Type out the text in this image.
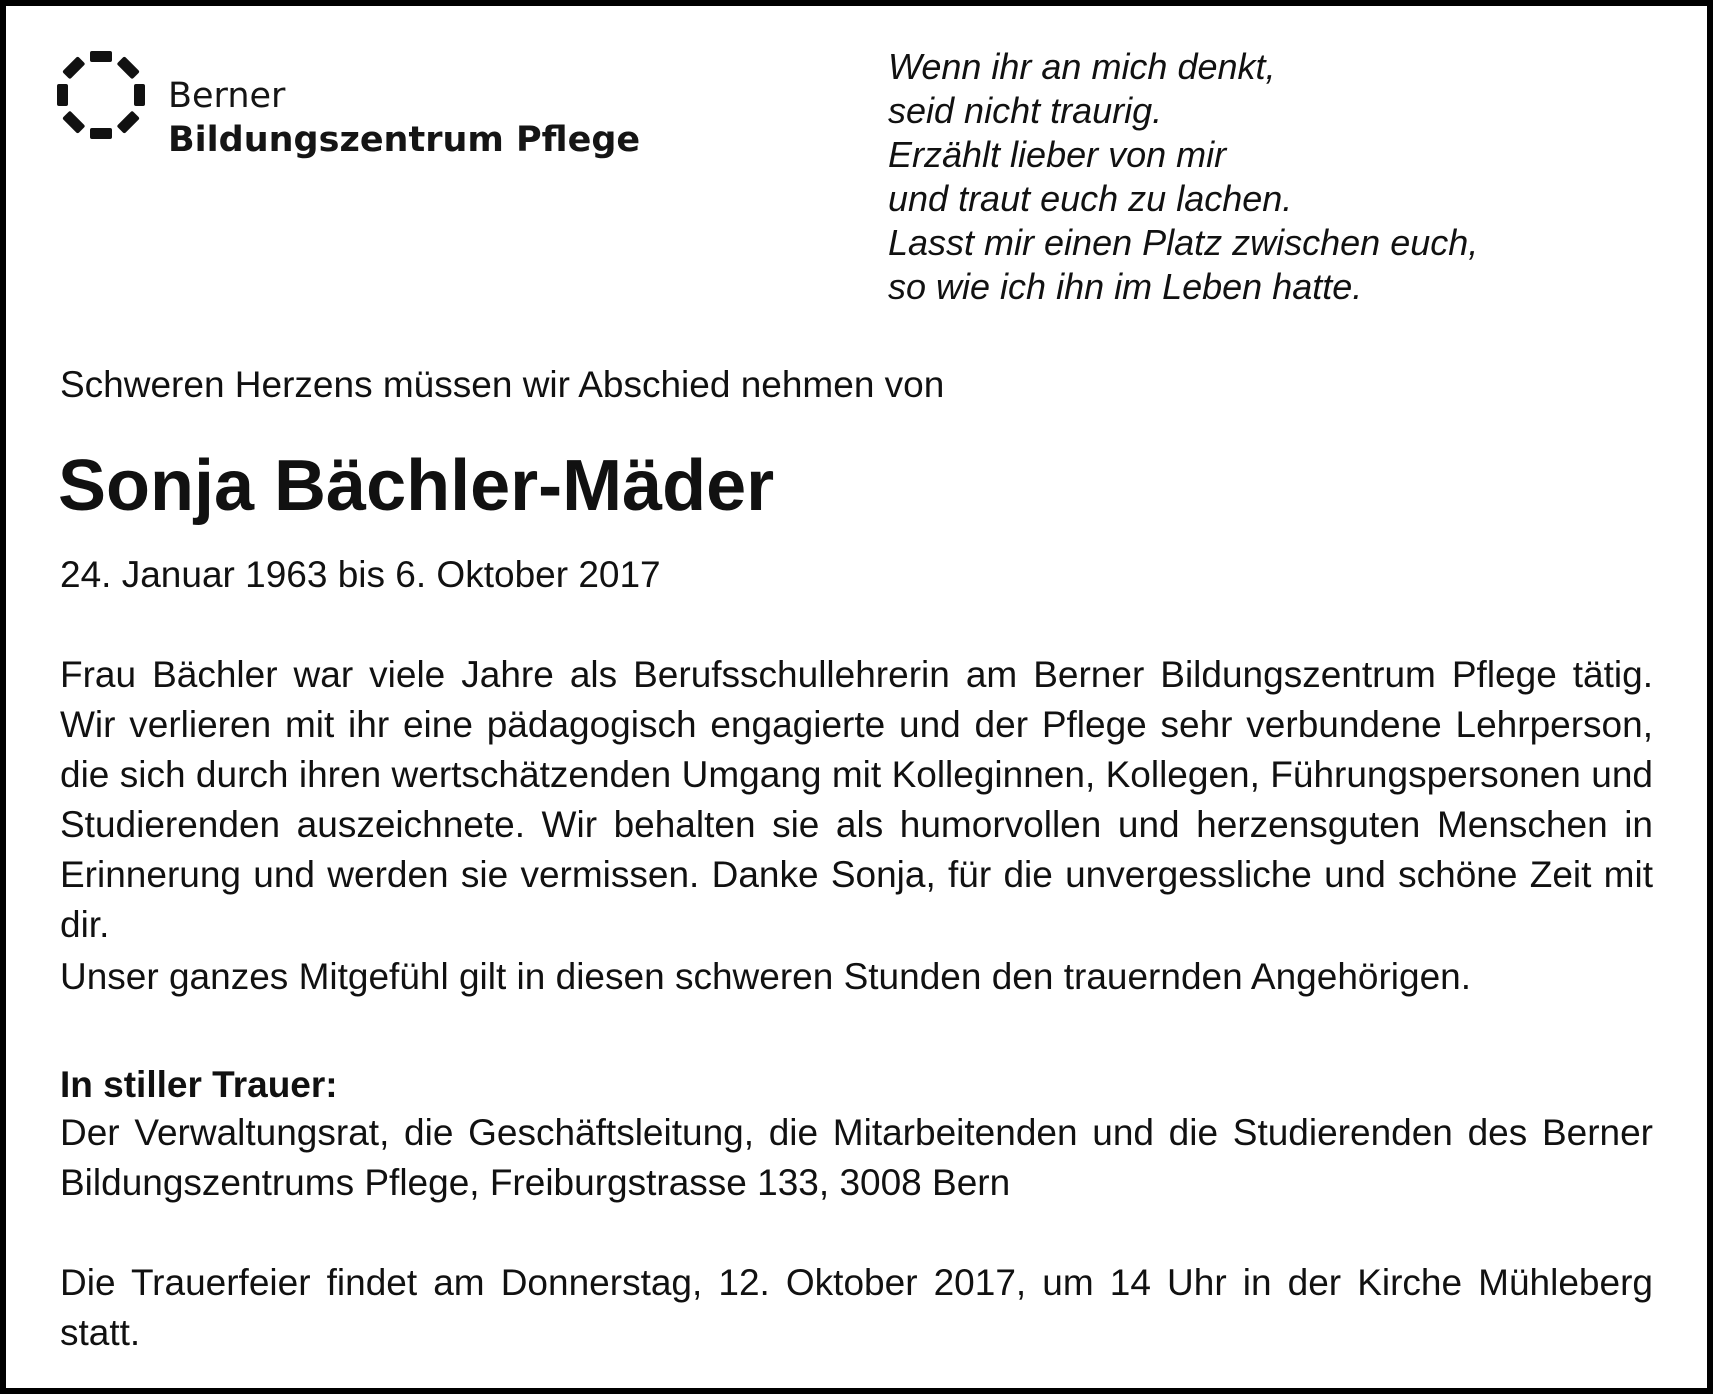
Berner
Bildungszentrum Pflege
Wenn ihr an mich denkt,
seid nicht traurig.
Erzählt lieber von mir
und traut euch zu lachen.
Lasst mir einen Platz zwischen euch,
so wie ich ihn im Leben hatte.
Schweren Herzens müssen wir Abschied nehmen von
Sonja Bächler-Mäder
24. Januar 1963 bis 6. Oktober 2017

Frau Bächler war viele Jahre als Berufsschullehrerin am Berner Bildungszentrum Pflege tätig. Wir verlieren mit ihr eine pädagogisch engagierte und der Pflege sehr verbundene Lehrperson, die sich durch ihren wertschätzenden Umgang mit Kolleginnen, Kollegen, Führungspersonen und Studierenden auszeichnete. Wir behalten sie als humorvollen und herzensguten Menschen in Erinnerung und werden sie vermissen. Danke Sonja, für die unvergessliche und schöne Zeit mit dir.

Unser ganzes Mitgefühl gilt in diesen schweren Stunden den trauernden Angehörigen.
In stiller Trauer:

Der Verwaltungsrat, die Geschäftsleitung, die Mitarbeitenden und die Studierenden des Berner Bildungszentrums Pflege, Freiburgstrasse 133, 3008 Bern

Die Trauerfeier findet am Donnerstag, 12. Oktober 2017, um 14 Uhr in der Kirche Mühleberg statt.
